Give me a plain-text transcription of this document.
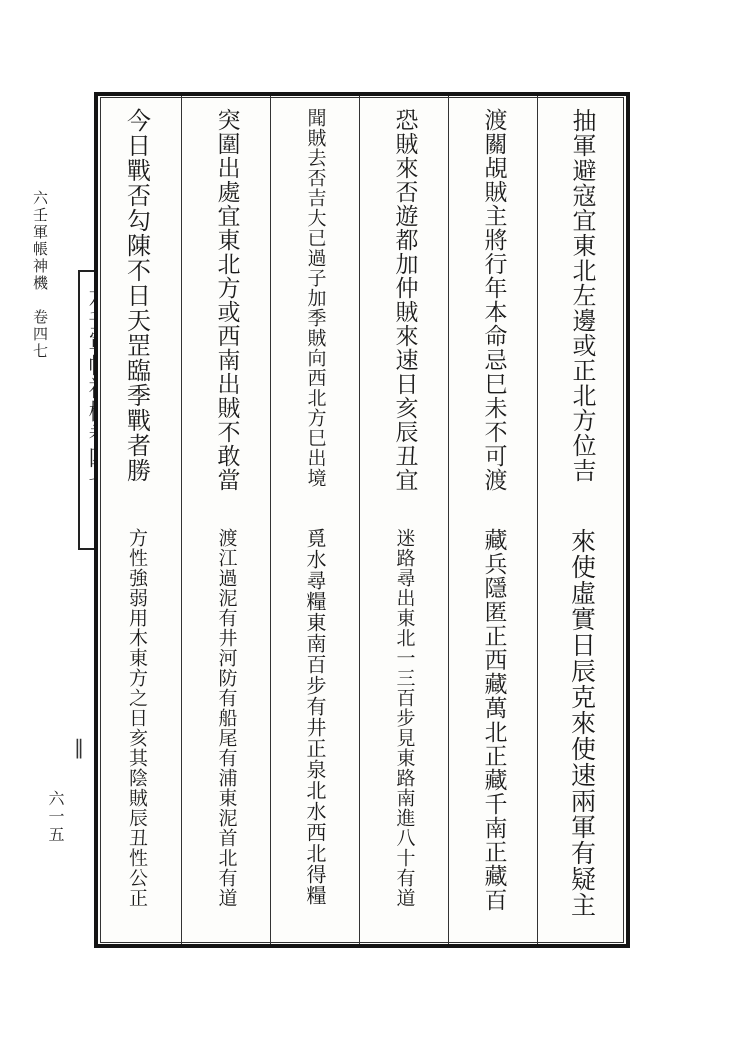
六壬軍帳神機　卷四七
六一五
‖
抽軍避寇宜東北左邊或正北方位吉
來使虛實日辰克來使速兩軍有疑主
渡關覘賊主將行年本命忌巳未不可渡
藏兵隱匿正西藏萬北正藏千南正藏百
恐賊來否遊都加仲賊來速日亥辰丑宜
迷路尋出東北一三百步見東路南進八十有道
聞賊去否吉大已過子加季賊向西北方巳出境
覓水尋糧東南百步有井正泉北水西北得糧
突圍出處宜東北方或西南出賊不敢當
渡江過泥有井河防有船尾有浦東泥首北有道
今日戰否勾陳不日天罡臨季戰者勝
方性強弱用木東方之日亥其陰賊辰丑性公正
